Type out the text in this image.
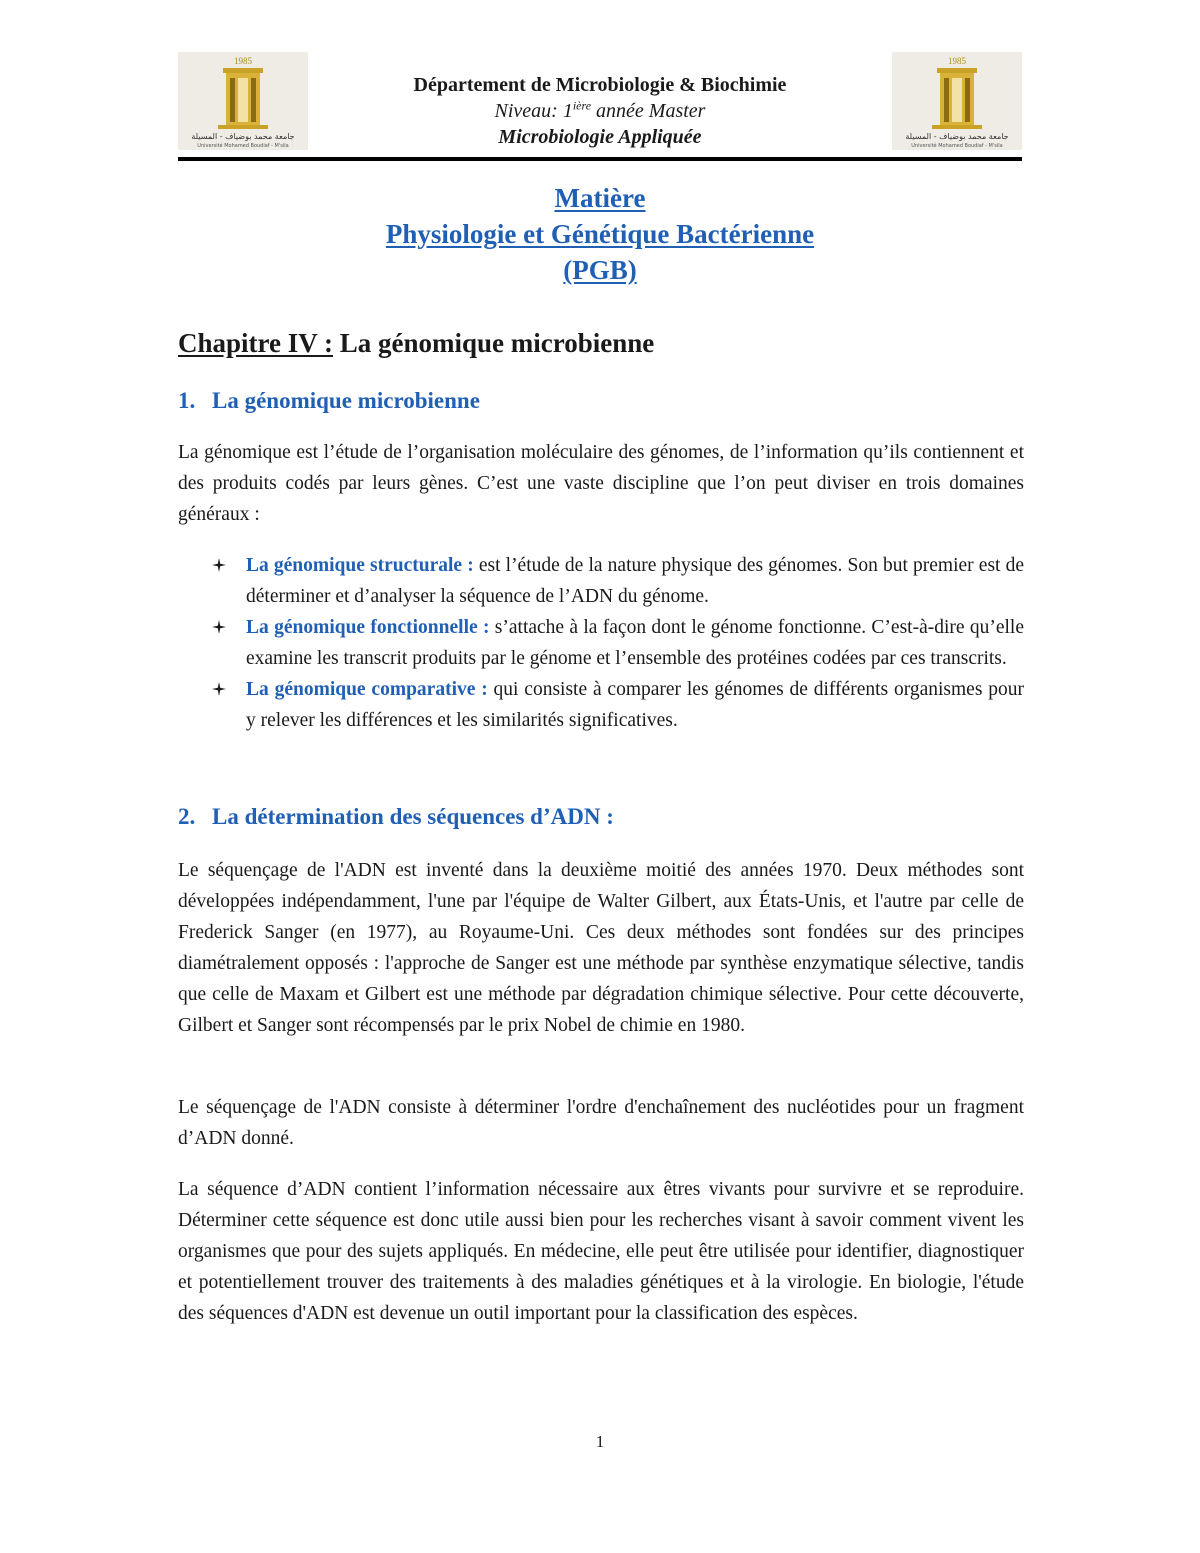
1985
جامعة محمد بوضياف - المسيلة
Université Mohamed Boudiaf - M'sila
Département de Microbiologie & Biochimie
Niveau: $1^{ière}$ année Master
Microbiologie Appliquée
1985
جامعة محمد بوضياف - المسيلة
Université Mohamed Boudiaf - M'sila
Matière
Physiologie et Génétique Bactérienne
(PGB)
Chapitre IV : La génomique microbienne
1. La génomique microbienne
La génomique est l’étude de l’organisation moléculaire des génomes, de l’information qu’ils contiennent et des produits codés par leurs gènes. C’est une vaste discipline que l’on peut diviser en trois domaines généraux :
La génomique structurale : est l’étude de la nature physique des génomes. Son but premier est de déterminer et d’analyser la séquence de l’ADN du génome.
La génomique fonctionnelle : s’attache à la façon dont le génome fonctionne. C’est-à-dire qu’elle examine les transcrit produits par le génome et l’ensemble des protéines codées par ces transcrits.
La génomique comparative : qui consiste à comparer les génomes de différents organismes pour y relever les différences et les similarités significatives.
2. La détermination des séquences d’ADN :
Le séquençage de l'ADN est inventé dans la deuxième moitié des années 1970. Deux méthodes sont développées indépendamment, l'une par l'équipe de Walter Gilbert, aux États-Unis, et l'autre par celle de Frederick Sanger (en 1977), au Royaume-Uni. Ces deux méthodes sont fondées sur des principes diamétralement opposés : l'approche de Sanger est une méthode par synthèse enzymatique sélective, tandis que celle de Maxam et Gilbert est une méthode par dégradation chimique sélective. Pour cette découverte, Gilbert et Sanger sont récompensés par le prix Nobel de chimie en 1980.
Le séquençage de l'ADN consiste à déterminer l'ordre d'enchaînement des nucléotides pour un fragment d’ADN donné.
La séquence d’ADN contient l’information nécessaire aux êtres vivants pour survivre et se reproduire. Déterminer cette séquence est donc utile aussi bien pour les recherches visant à savoir comment vivent les organismes que pour des sujets appliqués. En médecine, elle peut être utilisée pour identifier, diagnostiquer et potentiellement trouver des traitements à des maladies génétiques et à la virologie. En biologie, l'étude des séquences d'ADN est devenue un outil important pour la classification des espèces.
1
